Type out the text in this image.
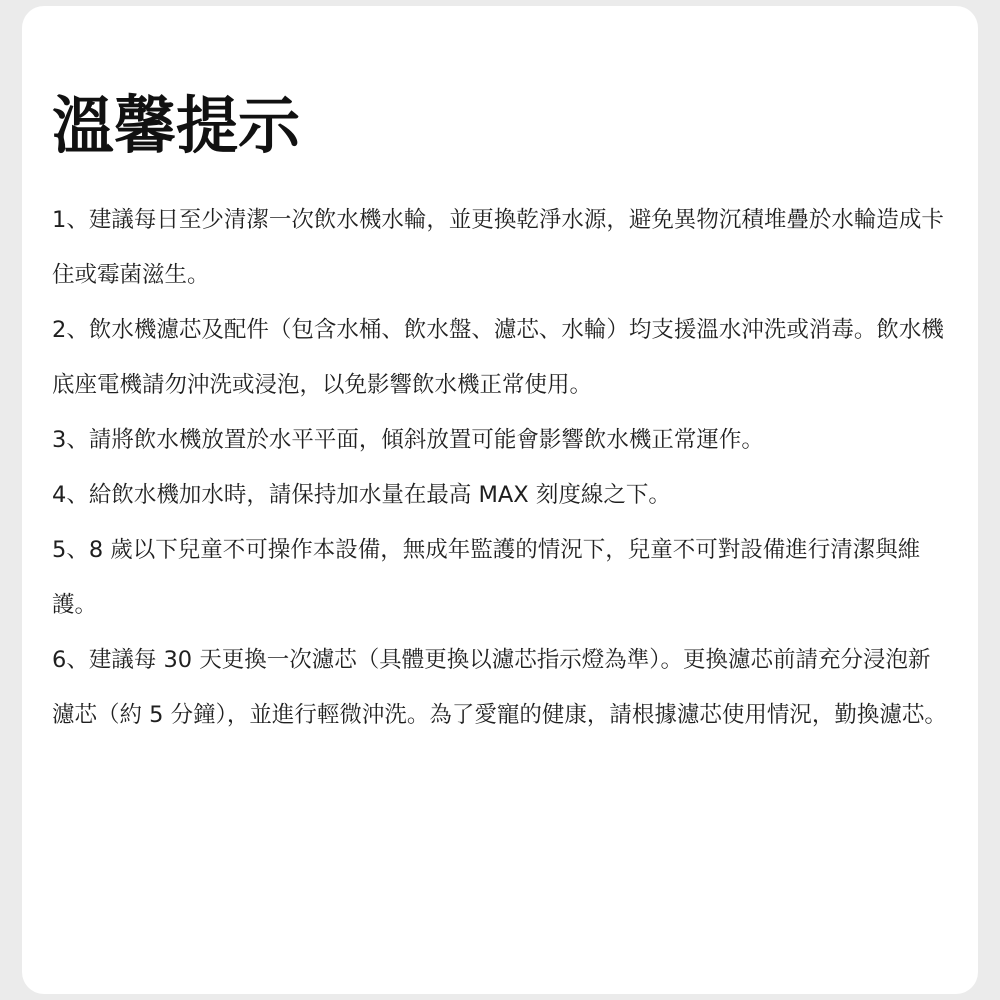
溫馨提示
1、建議每日至少清潔一次飲水機水輪，並更換乾淨水源，避免異物沉積堆疊於水輪造成卡住或霉菌滋生。
2、飲水機濾芯及配件（包含水桶、飲水盤、濾芯、水輪）均支援溫水沖洗或消毒。飲水機底座電機請勿沖洗或浸泡，以免影響飲水機正常使用。
3、請將飲水機放置於水平平面，傾斜放置可能會影響飲水機正常運作。
4、給飲水機加水時，請保持加水量在最高 MAX 刻度線之下。
5、8 歲以下兒童不可操作本設備，無成年監護的情況下，兒童不可對設備進行清潔與維護。
6、建議每 30 天更換一次濾芯（具體更換以濾芯指示燈為準）。更換濾芯前請充分浸泡新濾芯（約 5 分鐘），並進行輕微沖洗。為了愛寵的健康，請根據濾芯使用情況，勤換濾芯。
